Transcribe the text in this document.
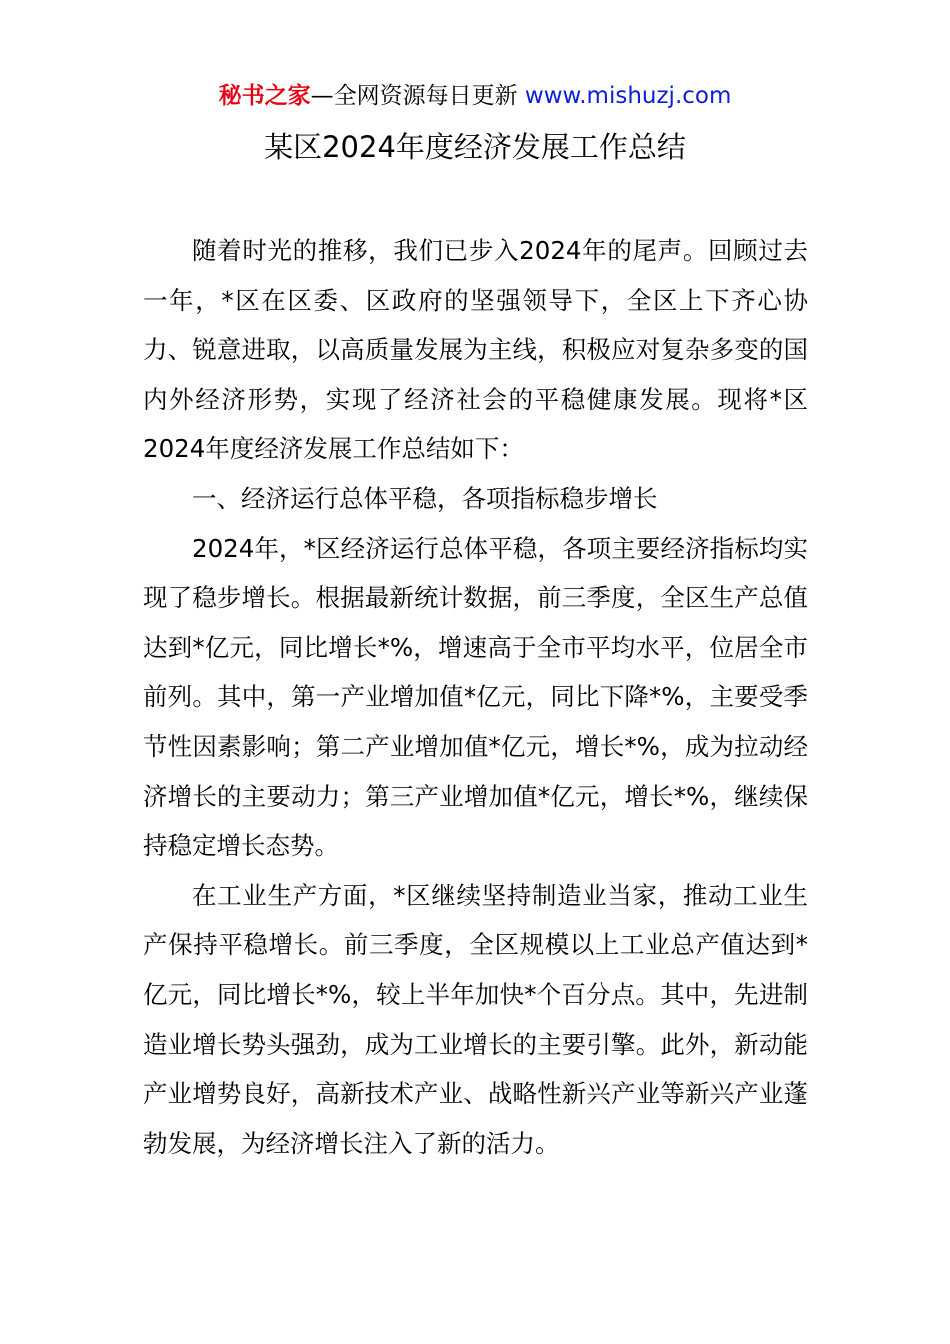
秘书之家—全网资源每日更新 www.mishuzj.com
某区2024年度经济发展工作总结

随着时光的推移，我们已步入2024年的尾声。回顾过去一年，*区在区委、区政府的坚强领导下，全区上下齐心协力、锐意进取，以高质量发展为主线，积极应对复杂多变的国内外经济形势，实现了经济社会的平稳健康发展。现将*区2024年度经济发展工作总结如下：

一、经济运行总体平稳，各项指标稳步增长

2024年，*区经济运行总体平稳，各项主要经济指标均实现了稳步增长。根据最新统计数据，前三季度，全区生产总值达到*亿元，同比增长*%，增速高于全市平均水平，位居全市前列。其中，第一产业增加值*亿元，同比下降*%，主要受季节性因素影响；第二产业增加值*亿元，增长*%，成为拉动经济增长的主要动力；第三产业增加值*亿元，增长*%，继续保持稳定增长态势。

在工业生产方面，*区继续坚持制造业当家，推动工业生产保持平稳增长。前三季度，全区规模以上工业总产值达到*亿元，同比增长*%，较上半年加快*个百分点。其中，先进制造业增长势头强劲，成为工业增长的主要引擎。此外，新动能产业增势良好，高新技术产业、战略性新兴产业等新兴产业蓬勃发展，为经济增长注入了新的活力。
